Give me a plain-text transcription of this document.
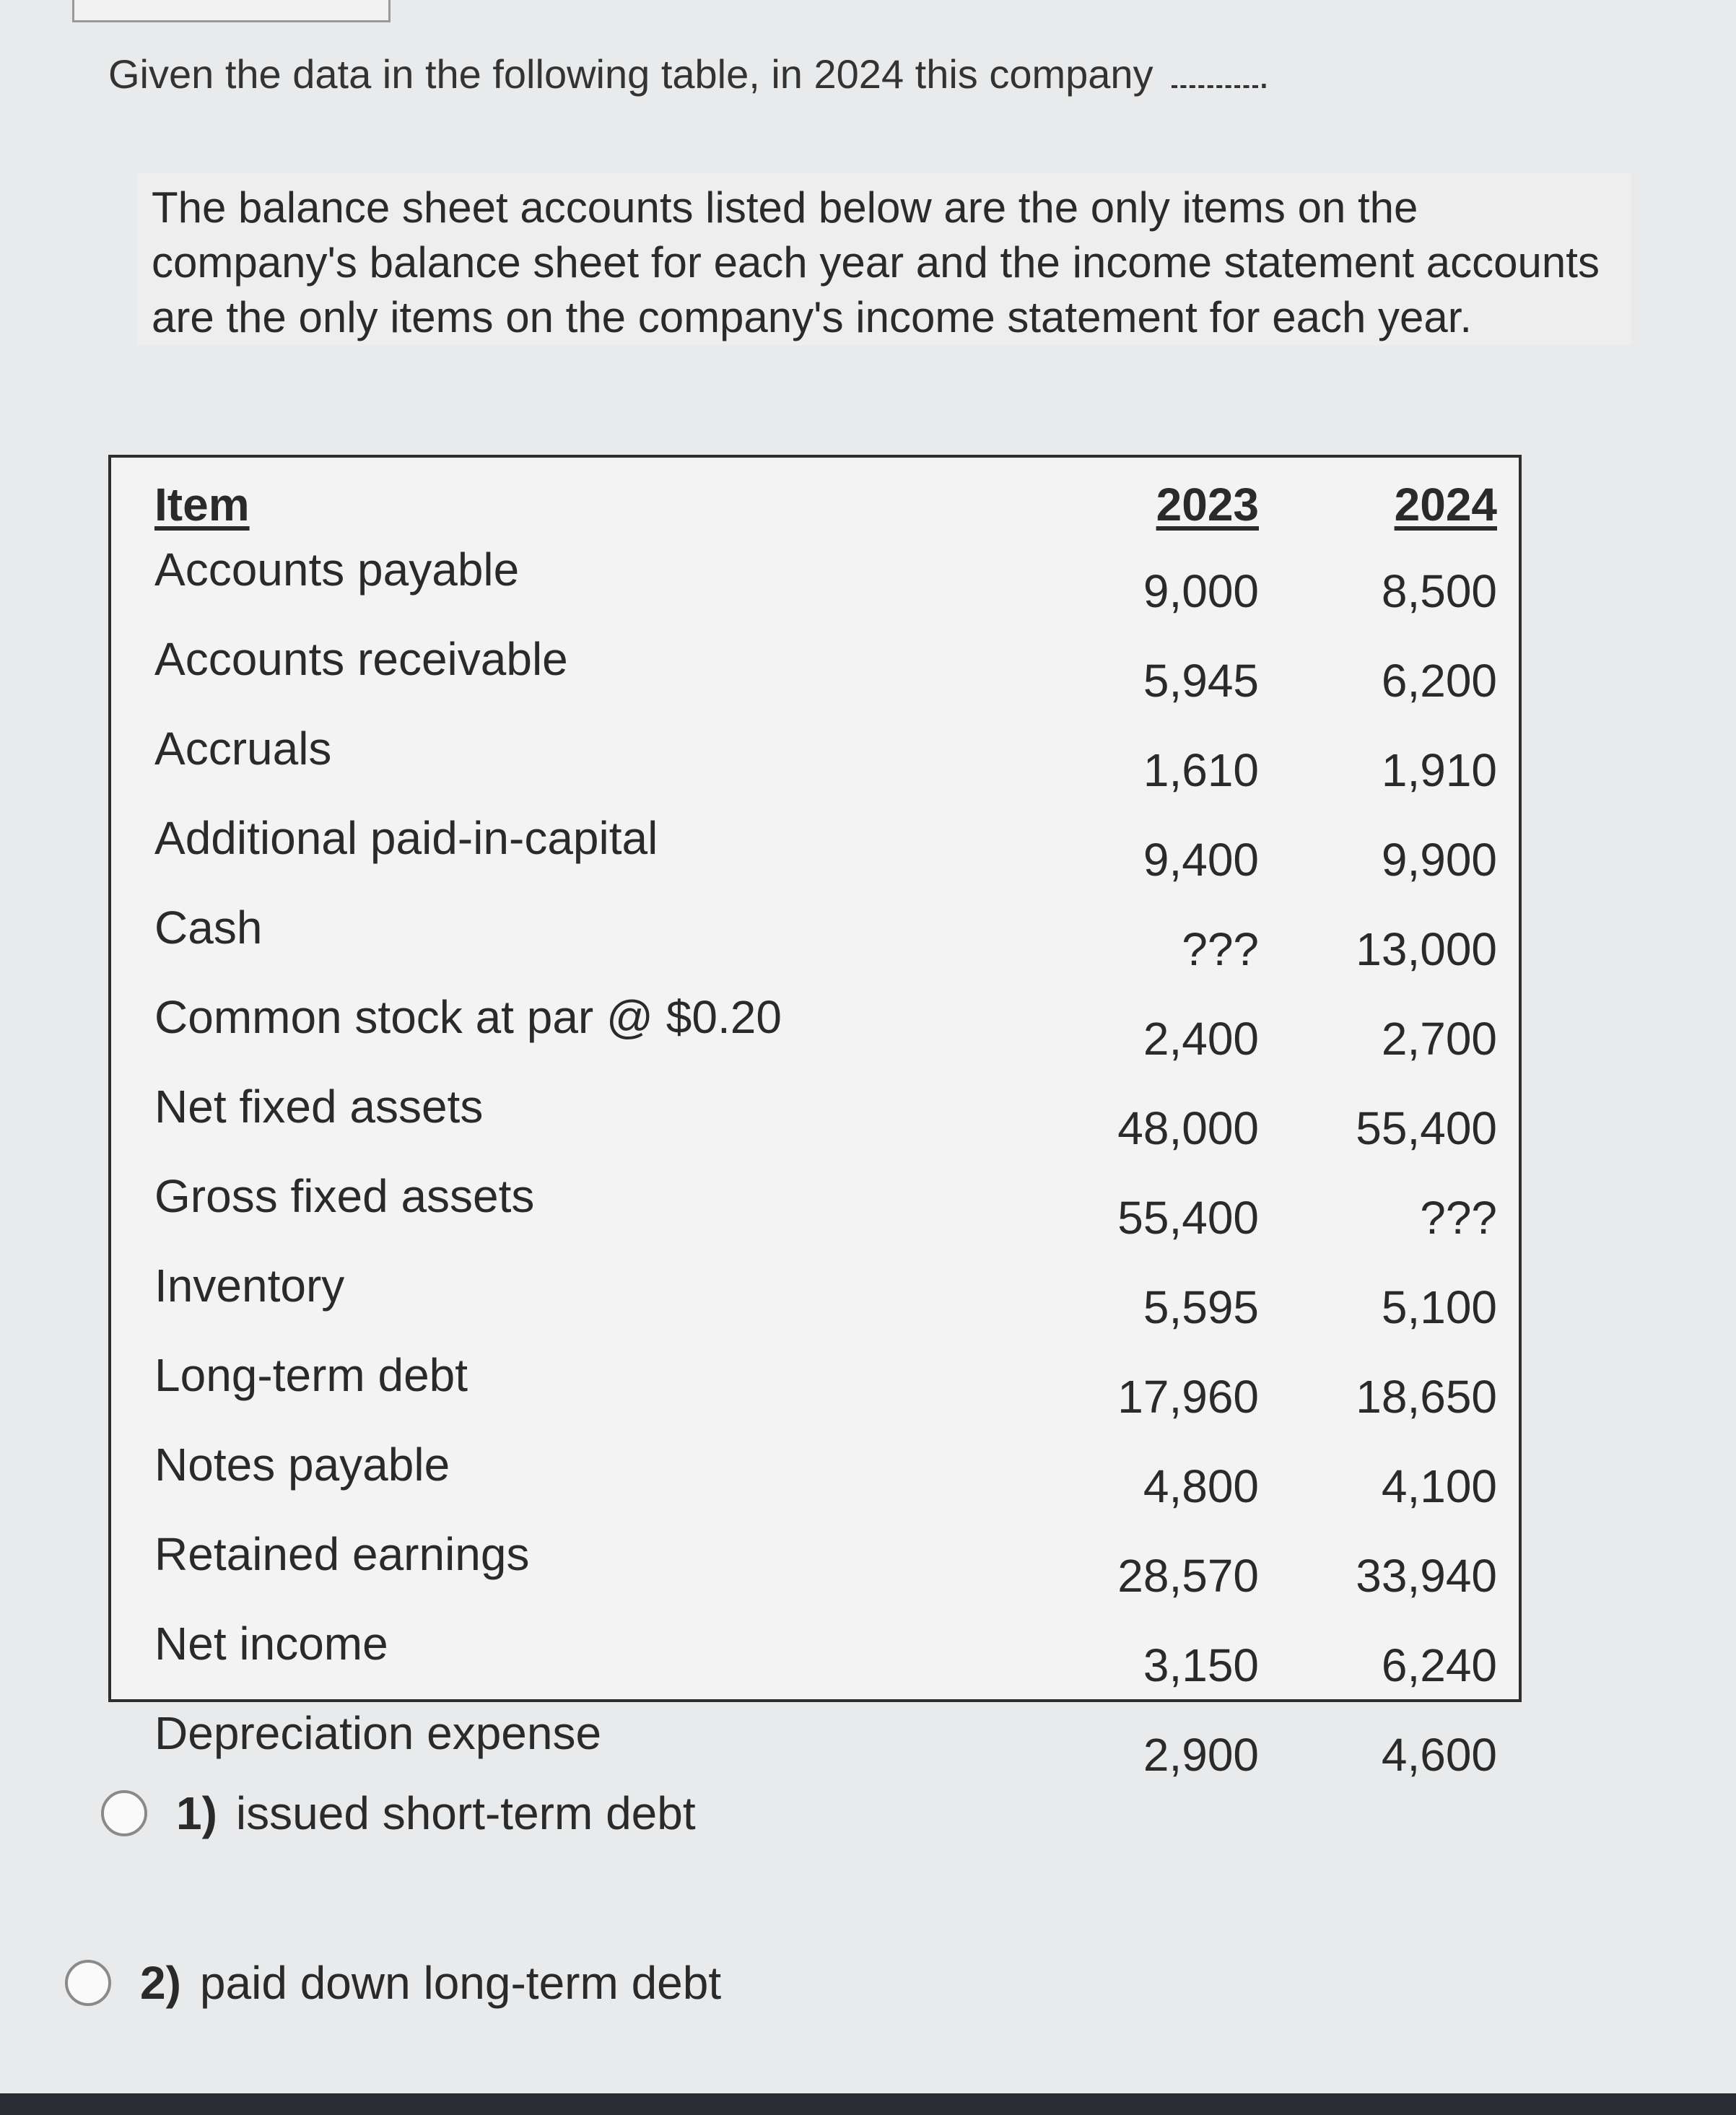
Given the data in the following table, in 2024 this company	.

The balance sheet accounts listed below are the only items on the company's balance sheet for each year and the income statement accounts are the only items on the company's income statement for each year.

Item	2023	2024
Accounts payable	9,000	8,500
Accounts receivable	5,945	6,200
Accruals	1,610	1,910
Additional paid-in-capital	9,400	9,900
Cash	???	13,000
Common stock at par @ $0.20	2,400	2,700
Net fixed assets	48,000	55,400
Gross fixed assets	55,400	???
Inventory	5,595	5,100
Long-term debt	17,960	18,650
Notes payable	4,800	4,100
Retained earnings	28,570	33,940
Net income	3,150	6,240
Depreciation expense	2,900	4,600
1) issued short-term debt
2) paid down long-term debt
